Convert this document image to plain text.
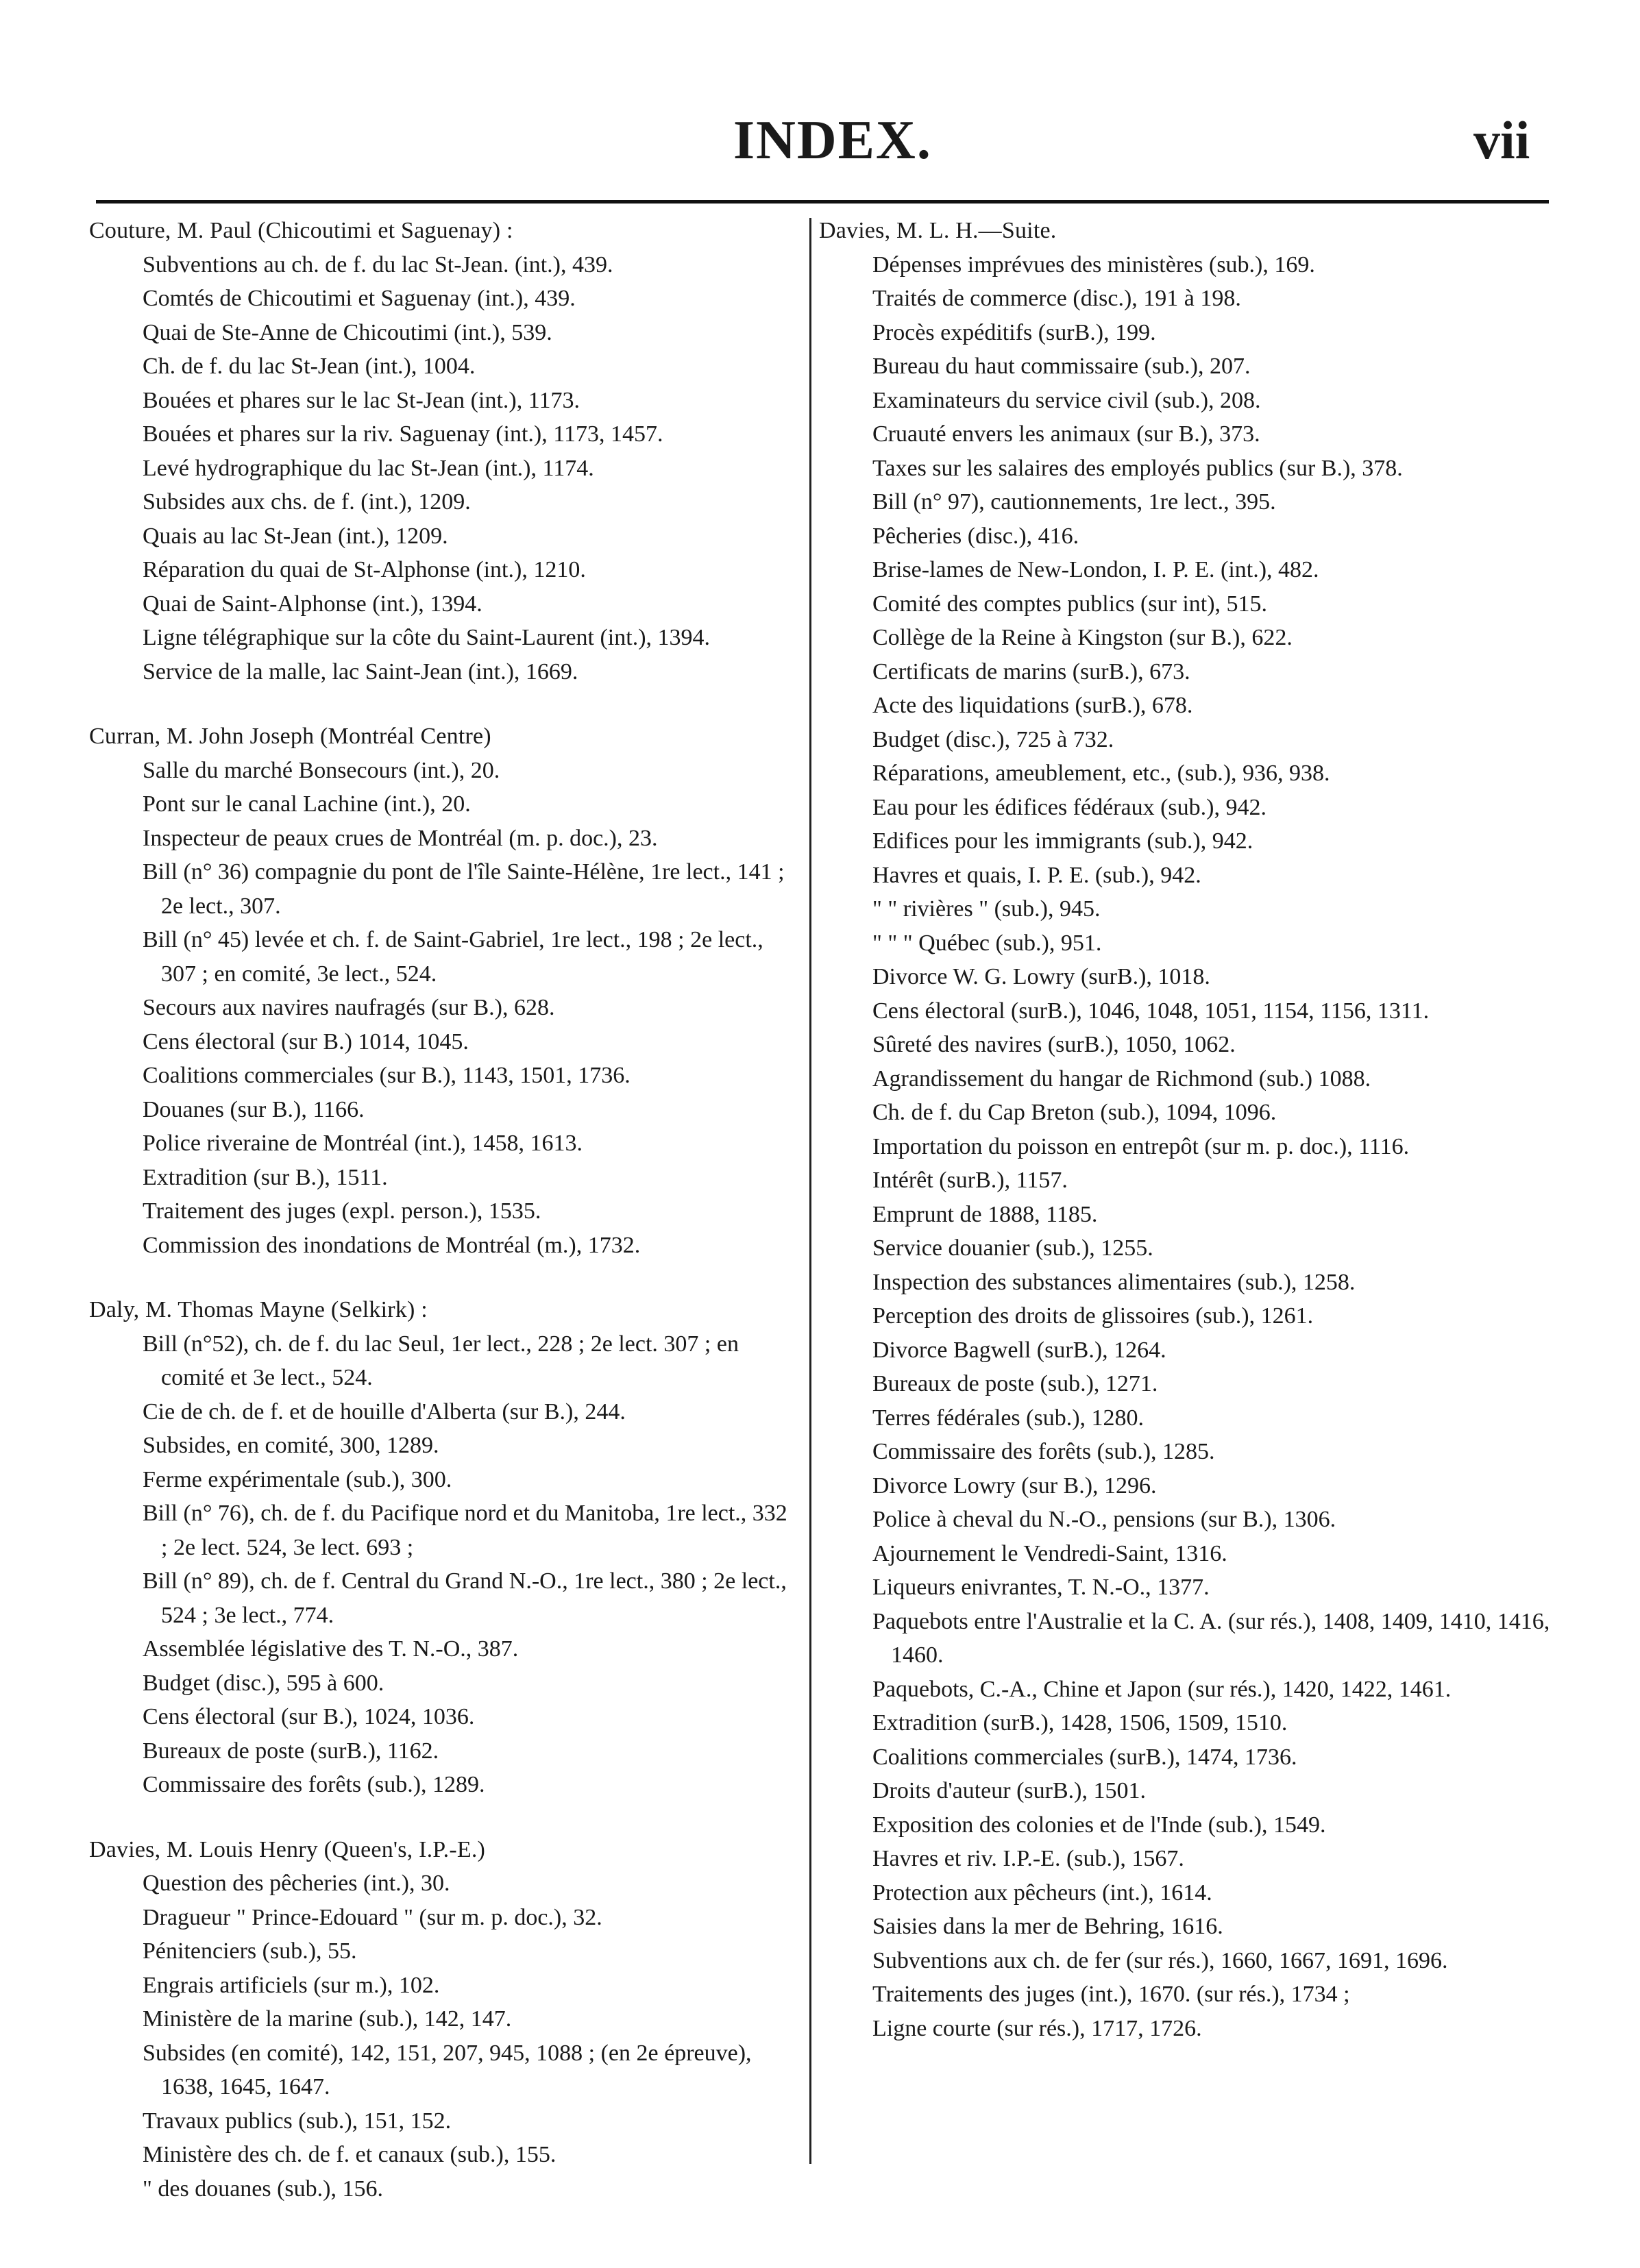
INDEX.	vii
Couture, M. Paul (Chicoutimi et Saguenay) :
Subventions au ch. de f. du lac St-Jean. (int.), 439.
Comtés de Chicoutimi et Saguenay (int.), 439.
Quai de Ste-Anne de Chicoutimi (int.), 539.
Ch. de f. du lac St-Jean (int.), 1004.
Bouées et phares sur le lac St-Jean (int.), 1173.
Bouées et phares sur la riv. Saguenay (int.), 1173, 1457.
Levé hydrographique du lac St-Jean (int.), 1174.
Subsides aux chs. de f. (int.), 1209.
Quais au lac St-Jean (int.), 1209.
Réparation du quai de St-Alphonse (int.), 1210.
Quai de Saint-Alphonse (int.), 1394.
Ligne télégraphique sur la côte du Saint-Laurent (int.), 1394.
Service de la malle, lac Saint-Jean (int.), 1669.
Curran, M. John Joseph (Montréal Centre)
Salle du marché Bonsecours (int.), 20.
Pont sur le canal Lachine (int.), 20.
Inspecteur de peaux crues de Montréal (m. p. doc.), 23.
Bill (n° 36) compagnie du pont de l'île Sainte-Hélène, 1re lect., 141 ; 2e lect., 307.
Bill (n° 45) levée et ch. f. de Saint-Gabriel, 1re lect., 198 ; 2e lect., 307 ; en comité, 3e lect., 524.
Secours aux navires naufragés (sur B.), 628.
Cens électoral (sur B.) 1014, 1045.
Coalitions commerciales (sur B.), 1143, 1501, 1736.
Douanes (sur B.), 1166.
Police riveraine de Montréal (int.), 1458, 1613.
Extradition (sur B.), 1511.
Traitement des juges (expl. person.), 1535.
Commission des inondations de Montréal (m.), 1732.
Daly, M. Thomas Mayne (Selkirk) :
Bill (n°52), ch. de f. du lac Seul, 1er lect., 228 ; 2e lect. 307 ; en comité et 3e lect., 524.
Cie de ch. de f. et de houille d'Alberta (sur B.), 244.
Subsides, en comité, 300, 1289.
Ferme expérimentale (sub.), 300.
Bill (n° 76), ch. de f. du Pacifique nord et du Manitoba, 1re lect., 332 ; 2e lect. 524, 3e lect. 693 ;
Bill (n° 89), ch. de f. Central du Grand N.-O., 1re lect., 380 ; 2e lect., 524 ; 3e lect., 774.
Assemblée législative des T. N.-O., 387.
Budget (disc.), 595 à 600.
Cens électoral (sur B.), 1024, 1036.
Bureaux de poste (surB.), 1162.
Commissaire des forêts (sub.), 1289.
Davies, M. Louis Henry (Queen's, I.P.-E.)
Question des pêcheries (int.), 30.
Dragueur " Prince-Edouard " (sur m. p. doc.), 32.
Pénitenciers (sub.), 55.
Engrais artificiels (sur m.), 102.
Ministère de la marine (sub.), 142, 147.
Subsides (en comité), 142, 151, 207, 945, 1088 ; (en 2e épreuve), 1638, 1645, 1647.
Travaux publics (sub.), 151, 152.
Ministère des ch. de f. et canaux (sub.), 155.
" des douanes (sub.), 156.
Davies, M. L. H.—Suite.
Dépenses imprévues des ministères (sub.), 169.
Traités de commerce (disc.), 191 à 198.
Procès expéditifs (surB.), 199.
Bureau du haut commissaire (sub.), 207.
Examinateurs du service civil (sub.), 208.
Cruauté envers les animaux (sur B.), 373.
Taxes sur les salaires des employés publics (sur B.), 378.
Bill (n° 97), cautionnements, 1re lect., 395.
Pêcheries (disc.), 416.
Brise-lames de New-London, I. P. E. (int.), 482.
Comité des comptes publics (sur int), 515.
Collège de la Reine à Kingston (sur B.), 622.
Certificats de marins (surB.), 673.
Acte des liquidations (surB.), 678.
Budget (disc.), 725 à 732.
Réparations, ameublement, etc., (sub.), 936, 938.
Eau pour les édifices fédéraux (sub.), 942.
Edifices pour les immigrants (sub.), 942.
Havres et quais, I. P. E. (sub.), 942.
" " rivières " (sub.), 945.
" " " Québec (sub.), 951.
Divorce W. G. Lowry (surB.), 1018.
Cens électoral (surB.), 1046, 1048, 1051, 1154, 1156, 1311.
Sûreté des navires (surB.), 1050, 1062.
Agrandissement du hangar de Richmond (sub.) 1088.
Ch. de f. du Cap Breton (sub.), 1094, 1096.
Importation du poisson en entrepôt (sur m. p. doc.), 1116.
Intérêt (surB.), 1157.
Emprunt de 1888, 1185.
Service douanier (sub.), 1255.
Inspection des substances alimentaires (sub.), 1258.
Perception des droits de glissoires (sub.), 1261.
Divorce Bagwell (surB.), 1264.
Bureaux de poste (sub.), 1271.
Terres fédérales (sub.), 1280.
Commissaire des forêts (sub.), 1285.
Divorce Lowry (sur B.), 1296.
Police à cheval du N.-O., pensions (sur B.), 1306.
Ajournement le Vendredi-Saint, 1316.
Liqueurs enivrantes, T. N.-O., 1377.
Paquebots entre l'Australie et la C. A. (sur rés.), 1408, 1409, 1410, 1416, 1460.
Paquebots, C.-A., Chine et Japon (sur rés.), 1420, 1422, 1461.
Extradition (surB.), 1428, 1506, 1509, 1510.
Coalitions commerciales (surB.), 1474, 1736.
Droits d'auteur (surB.), 1501.
Exposition des colonies et de l'Inde (sub.), 1549.
Havres et riv. I.P.-E. (sub.), 1567.
Protection aux pêcheurs (int.), 1614.
Saisies dans la mer de Behring, 1616.
Subventions aux ch. de fer (sur rés.), 1660, 1667, 1691, 1696.
Traitements des juges (int.), 1670. (sur rés.), 1734 ;
Ligne courte (sur rés.), 1717, 1726.
